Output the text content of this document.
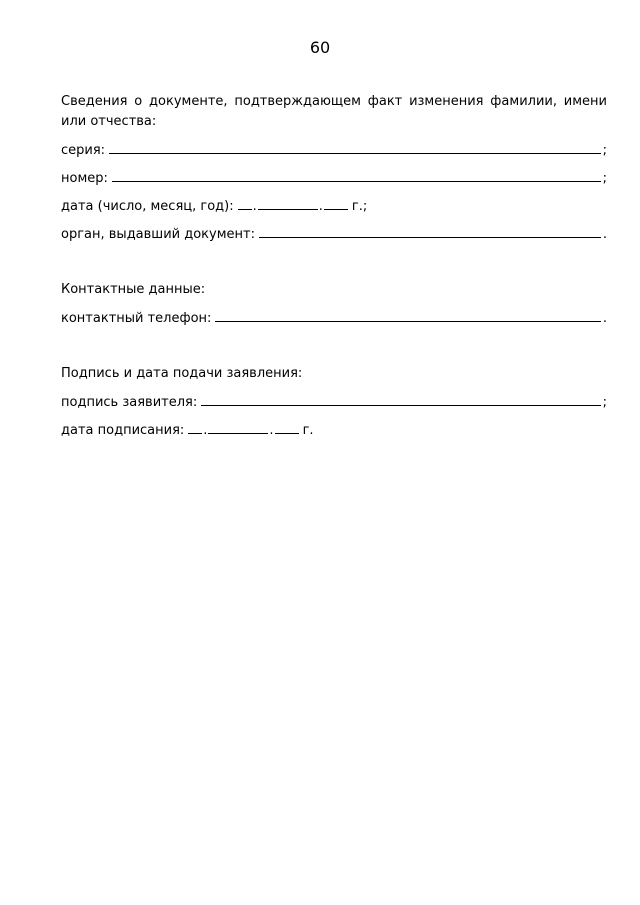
60
Сведения о документе, подтверждающем факт изменения фамилии, имени или отчества:
серия:	;
номер:	;
дата (число, месяц, год): .	. г.;
орган, выдавший документ:	.
Контактные данные:
контактный телефон:	.
Подпись и дата подачи заявления:
подпись заявителя:	;
дата подписания: .	. г.
